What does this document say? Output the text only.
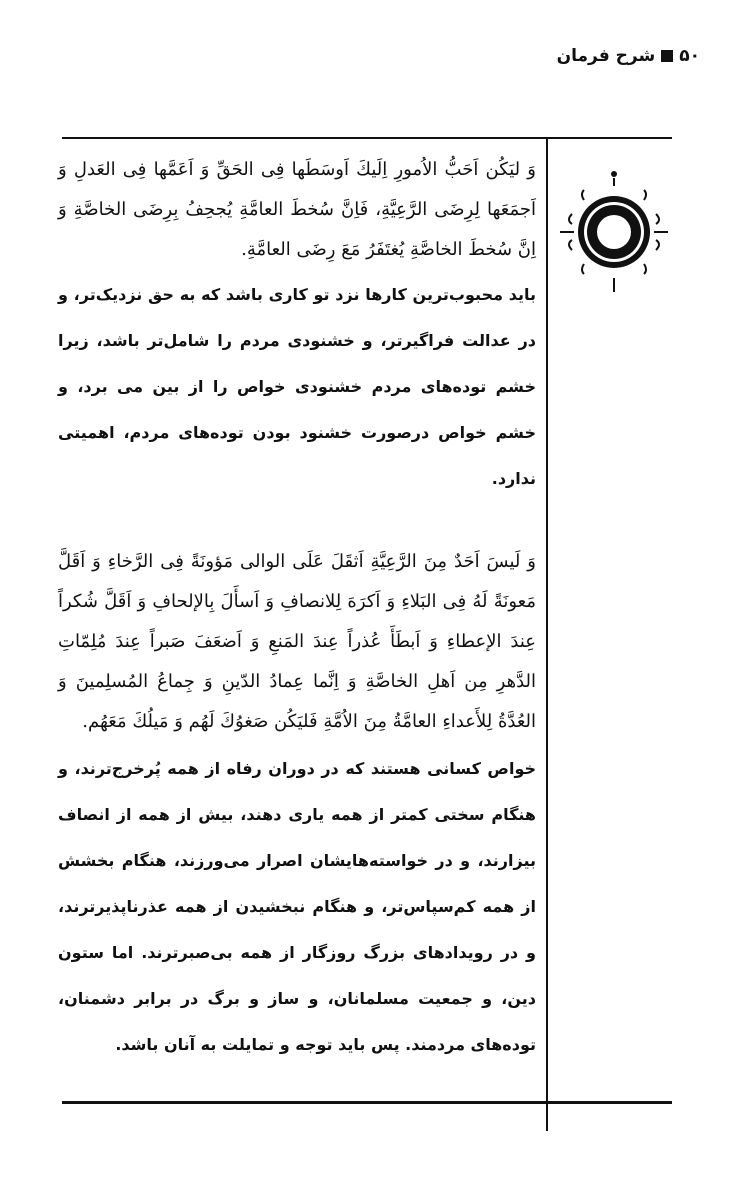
۵۰
شرح فرمان

وَ لیَکُن اَحَبُّ الاُمورِ اِلَیكَ اَوسَطَها فِی الحَقِّ وَ اَعَمَّها فِی العَدلِ وَ اَجمَعَها لِرِضَی الرَّعِیَّةِ، فَاِنَّ سُخطَ العامَّةِ یُجحِفُ بِرِضَی الخاصَّةِ وَ اِنَّ سُخطَ الخاصَّةِ یُغتَفَرُ مَعَ رِضَی العامَّةِ.

باید محبوب‌ترین کارها نزد تو کاری باشد که به حق نزدیک‌تر، و در عدالت فراگیرتر، و خشنودی مردم را شامل‌تر باشد، زیرا خشم توده‌های مردم خشنودی خواص را از بین می برد، و خشم خواص درصورت خشنود بودن توده‌های مردم، اهمیتی ندارد.

وَ لَیسَ اَحَدٌ مِنَ الرَّعِیَّةِ اَثقَلَ عَلَی الوالی مَؤونَةً فِی الرَّخاءِ وَ اَقَلَّ مَعونَةً لَهُ فِی البَلاءِ وَ اَکرَهَ لِلانصافِ وَ اَسأَلَ بِالإلحافِ وَ اَقَلَّ شُکراً عِندَ الإعطاءِ وَ اَبطَأَ عُذراً عِندَ المَنعِ وَ اَضعَفَ صَبراً عِندَ مُلِمّاتِ الدَّهرِ مِن اَهلِ الخاصَّةِ وَ اِنَّما عِمادُ الدّینِ وَ جِماعُ المُسلِمینَ وَ العُدَّةُ لِلأَعداءِ العامَّةُ مِنَ الاُمَّةِ فَلیَکُن صَغوُكَ لَهُم وَ مَیلُكَ مَعَهُم.

خواص کسانی هستند که در دوران رفاه از همه پُرخرج‌ترند، و هنگام سختی کمتر از همه یاری دهند، بیش از همه از انصاف بیزارند، و در خواسته‌هایشان اصرار می‌ورزند، هنگام بخشش از همه کم‌سپاس‌تر، و هنگام نبخشیدن از همه عذرناپذیرترند، و در رویدادهای بزرگ روزگار از همه بی‌صبرترند. اما ستون دین، و جمعیت مسلمانان، و ساز و برگ در برابر دشمنان، توده‌های مردمند. پس باید توجه و تمایلت به آنان باشد.
